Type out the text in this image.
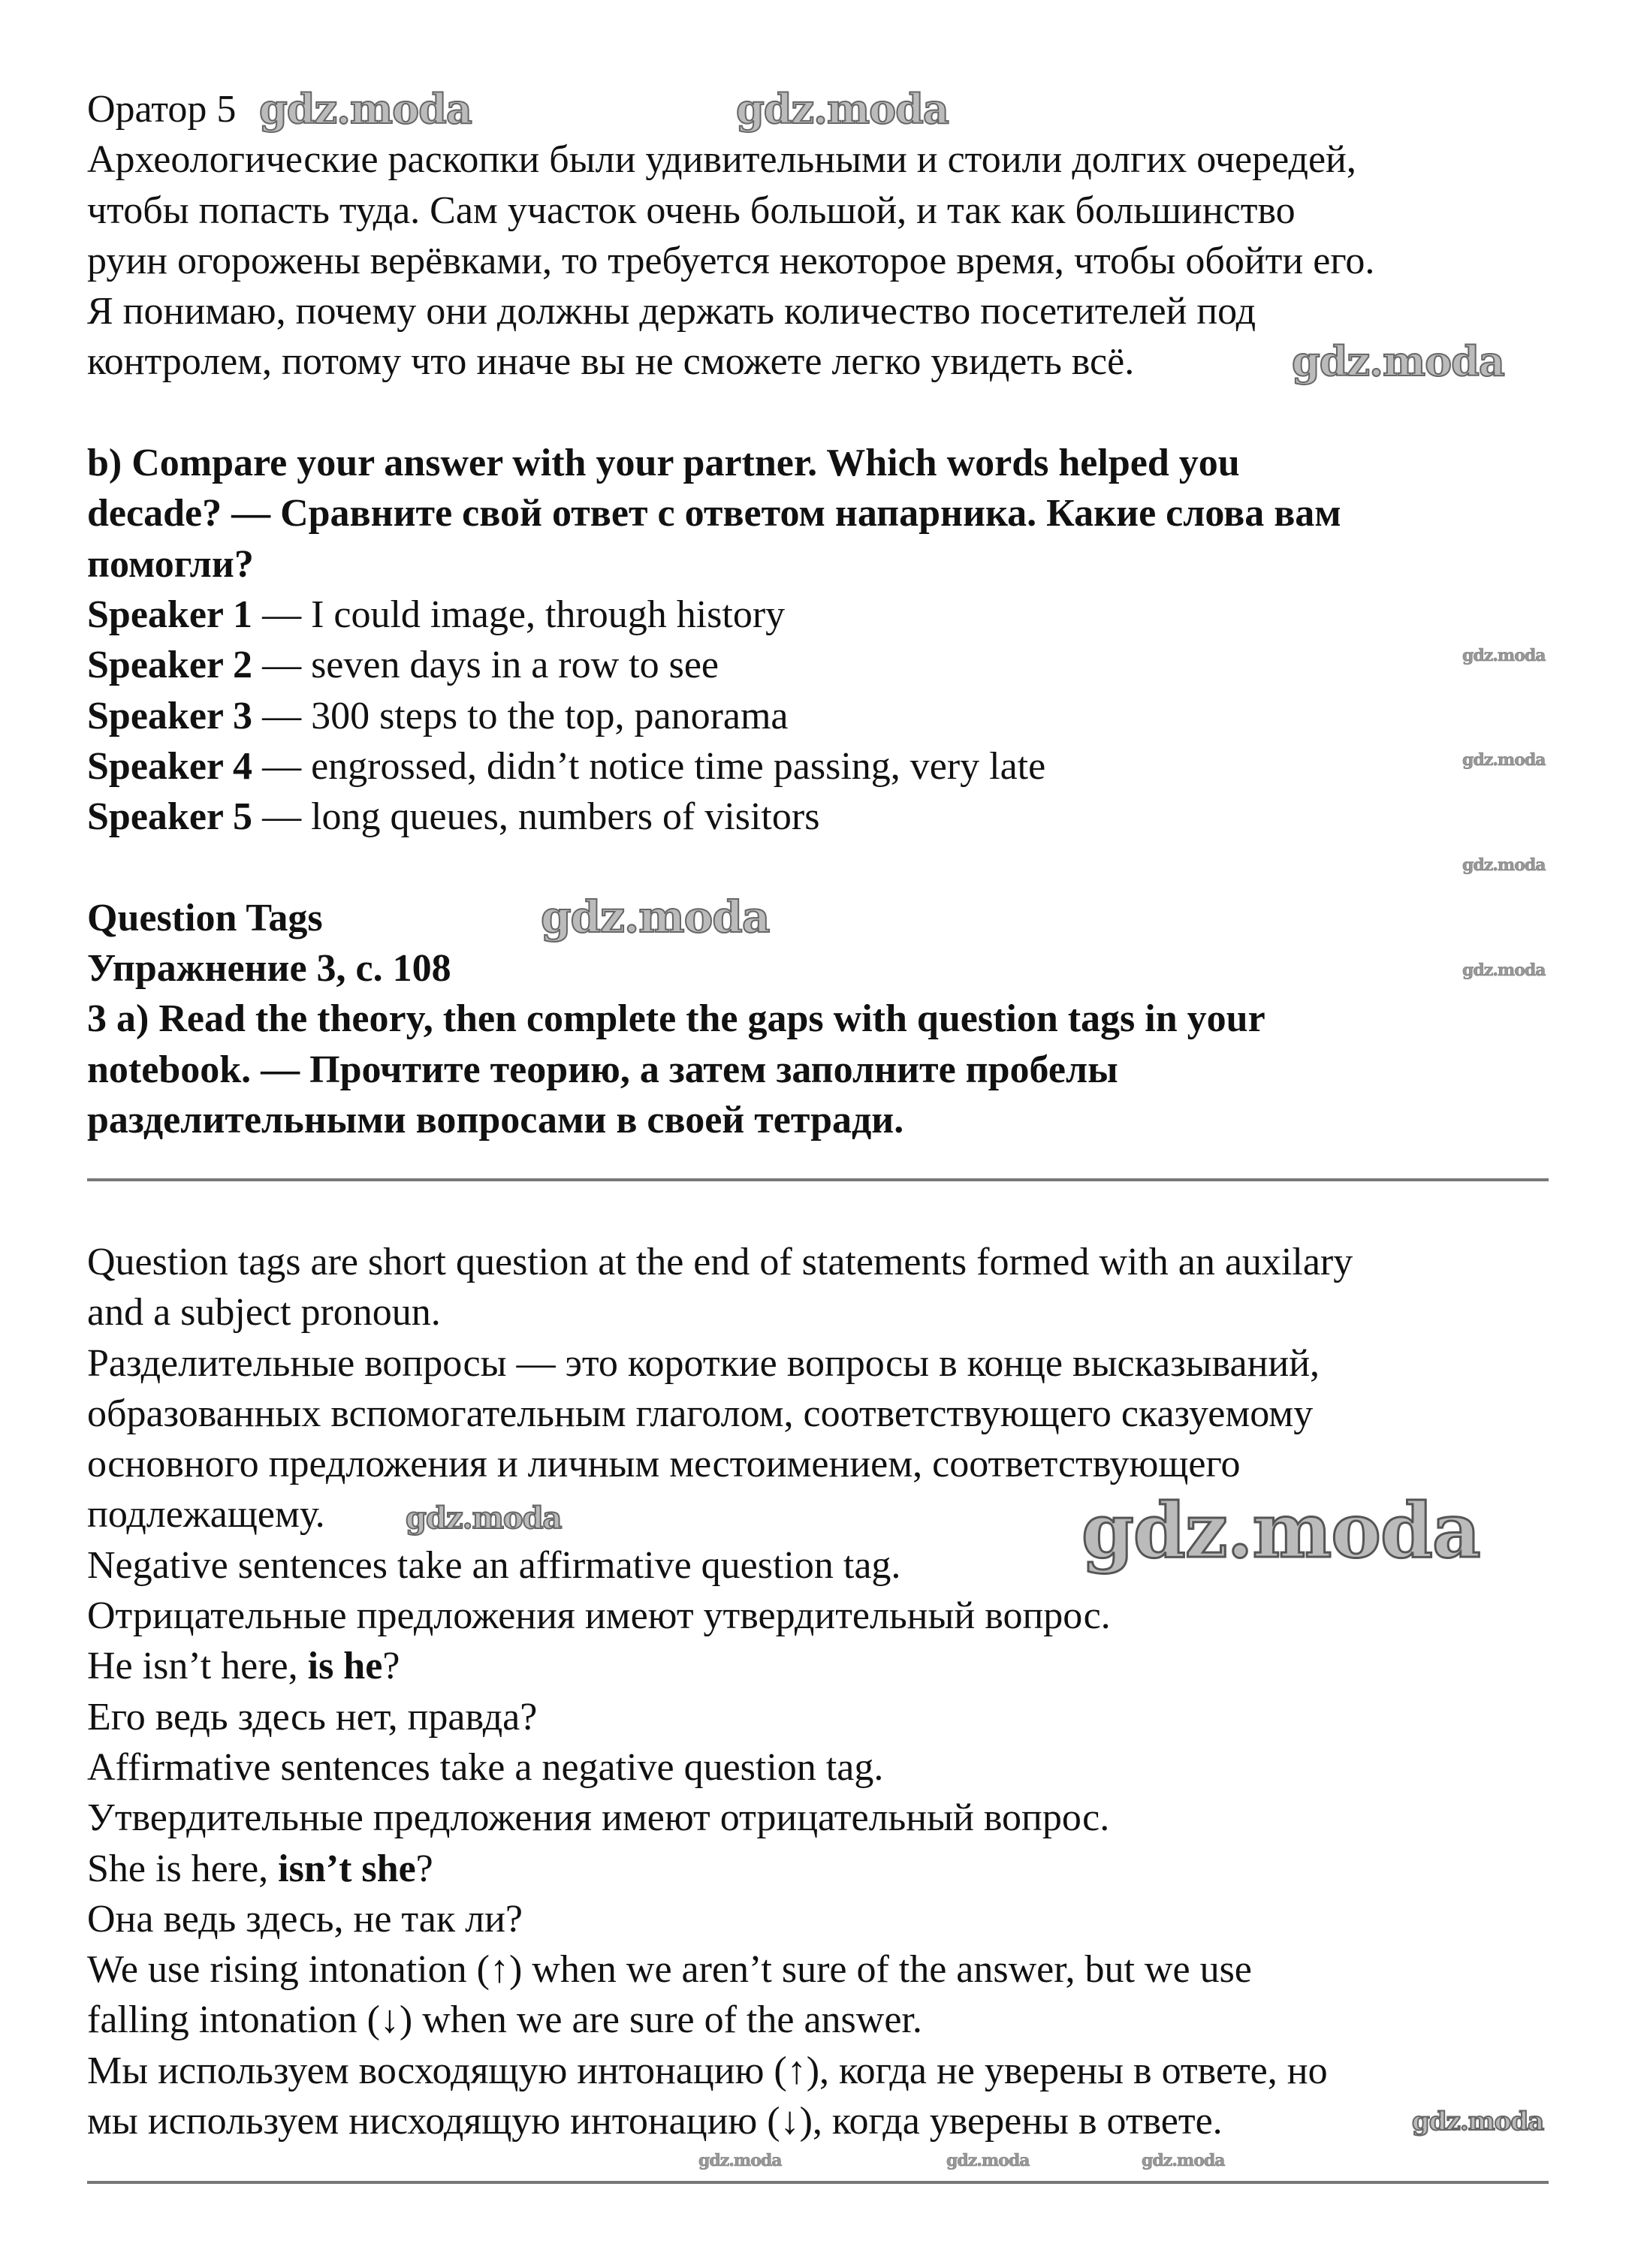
Оратор 5
Археологические раскопки были удивительными и стоили долгих очередей,
чтобы попасть туда. Сам участок очень большой, и так как большинство
руин огорожены верёвками, то требуется некоторое время, чтобы обойти его.
Я понимаю, почему они должны держать количество посетителей под
контролем, потому что иначе вы не сможете легко увидеть всё.
b) Compare your answer with your partner. Which words helped you
decade? — Сравните свой ответ с ответом напарника. Какие слова вам
помогли?
Speaker 1 — I could image, through history
Speaker 2 — seven days in a row to see
Speaker 3 — 300 steps to the top, panorama
Speaker 4 — engrossed, didn’t notice time passing, very late
Speaker 5 — long queues, numbers of visitors
Question Tags
Упражнение 3, с. 108
3 a) Read the theory, then complete the gaps with question tags in your
notebook. — Прочтите теорию, а затем заполните пробелы
разделительными вопросами в своей тетради.
Question tags are short question at the end of statements formed with an auxilary
and a subject pronoun.
Разделительные вопросы — это короткие вопросы в конце высказываний,
образованных вспомогательным глаголом, соответствующего сказуемому
основного предложения и личным местоимением, соответствующего
подлежащему.
Negative sentences take an affirmative question tag.
Отрицательные предложения имеют утвердительный вопрос.
He isn’t here, is he?
Его ведь здесь нет, правда?
Affirmative sentences take a negative question tag.
Утвердительные предложения имеют отрицательный вопрос.
She is here, isn’t she?
Она ведь здесь, не так ли?
We use rising intonation (↑) when we aren’t sure of the answer, but we use
falling intonation (↓) when we are sure of the answer.
Мы используем восходящую интонацию (↑), когда не уверены в ответе, но
мы используем нисходящую интонацию (↓), когда уверены в ответе.
gdz.moda	gdz.moda
gdz.moda
gdz.moda
gdz.moda
gdz.moda
gdz.moda
gdz.moda
gdz.moda	gdz.moda
gdz.moda
gdz.moda	gdz.moda	gdz.moda
